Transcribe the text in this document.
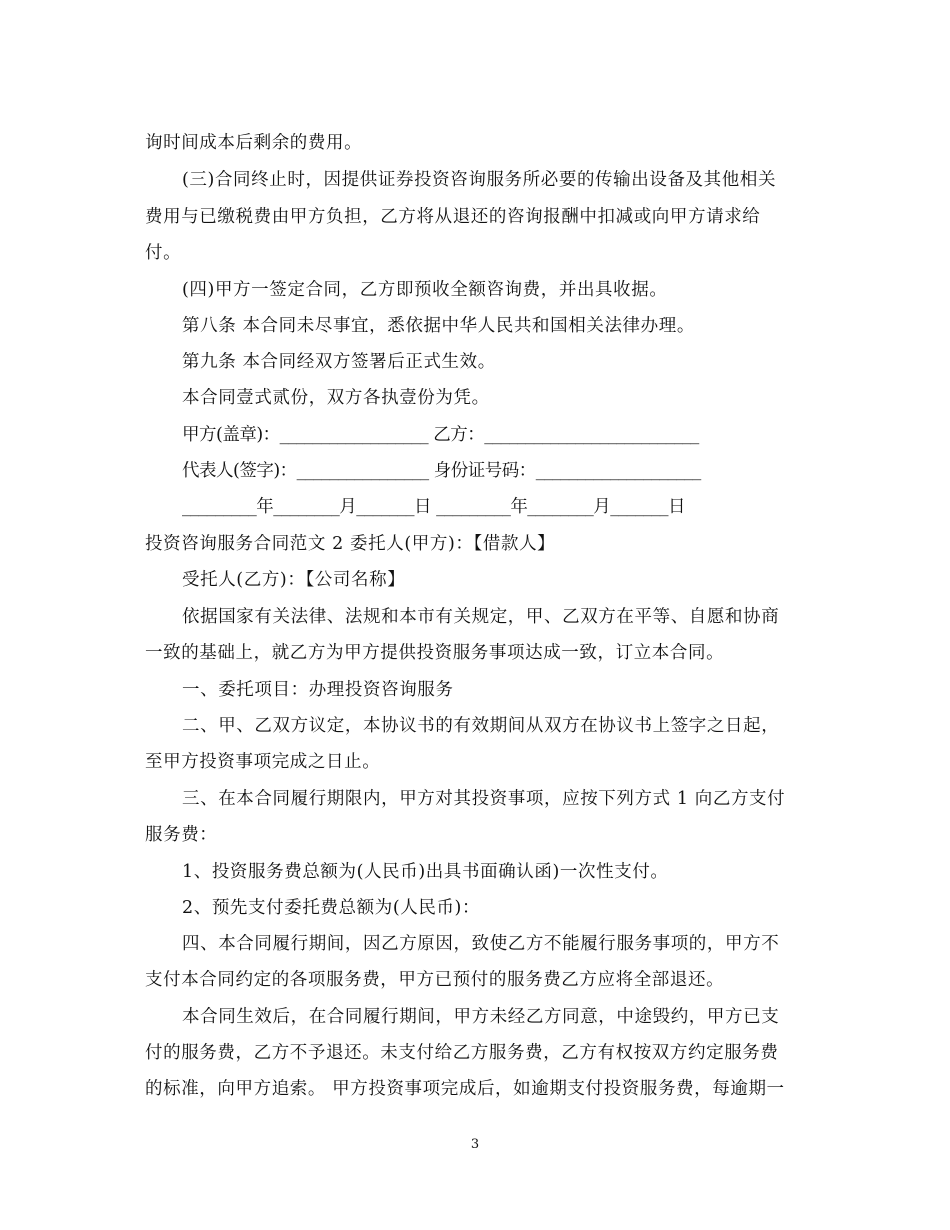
询时间成本后剩余的费用。
(三)合同终止时，因提供证券投资咨询服务所必要的传输出设备及其他相关
费用与已缴税费由甲方负担，乙方将从退还的咨询报酬中扣减或向甲方请求给
付。
(四)甲方一签定合同，乙方即预收全额咨询费，并出具收据。
第八条 本合同未尽事宜，悉依据中华人民共和国相关法律办理。
第九条 本合同经双方签署后正式生效。
本合同壹式贰份，双方各执壹份为凭。
甲方(盖章)：__________________ 乙方：__________________________
代表人(签字)：________________ 身份证号码：____________________
_________年________月_______日 _________年________月_______日
投资咨询服务合同范文 2 委托人(甲方)：【借款人】
受托人(乙方)：【公司名称】
依据国家有关法律、法规和本市有关规定，甲、乙双方在平等、自愿和协商
一致的基础上，就乙方为甲方提供投资服务事项达成一致，订立本合同。
一、委托项目：办理投资咨询服务
二、甲、乙双方议定，本协议书的有效期间从双方在协议书上签字之日起，
至甲方投资事项完成之日止。
三、在本合同履行期限内，甲方对其投资事项，应按下列方式 1 向乙方支付
服务费：
1、投资服务费总额为(人民币)出具书面确认函)一次性支付。
2、预先支付委托费总额为(人民币)：
四、本合同履行期间，因乙方原因，致使乙方不能履行服务事项的，甲方不
支付本合同约定的各项服务费，甲方已预付的服务费乙方应将全部退还。
本合同生效后，在合同履行期间，甲方未经乙方同意，中途毁约，甲方已支
付的服务费，乙方不予退还。未支付给乙方服务费，乙方有权按双方约定服务费
的标准，向甲方追索。 甲方投资事项完成后，如逾期支付投资服务费，每逾期一
3
